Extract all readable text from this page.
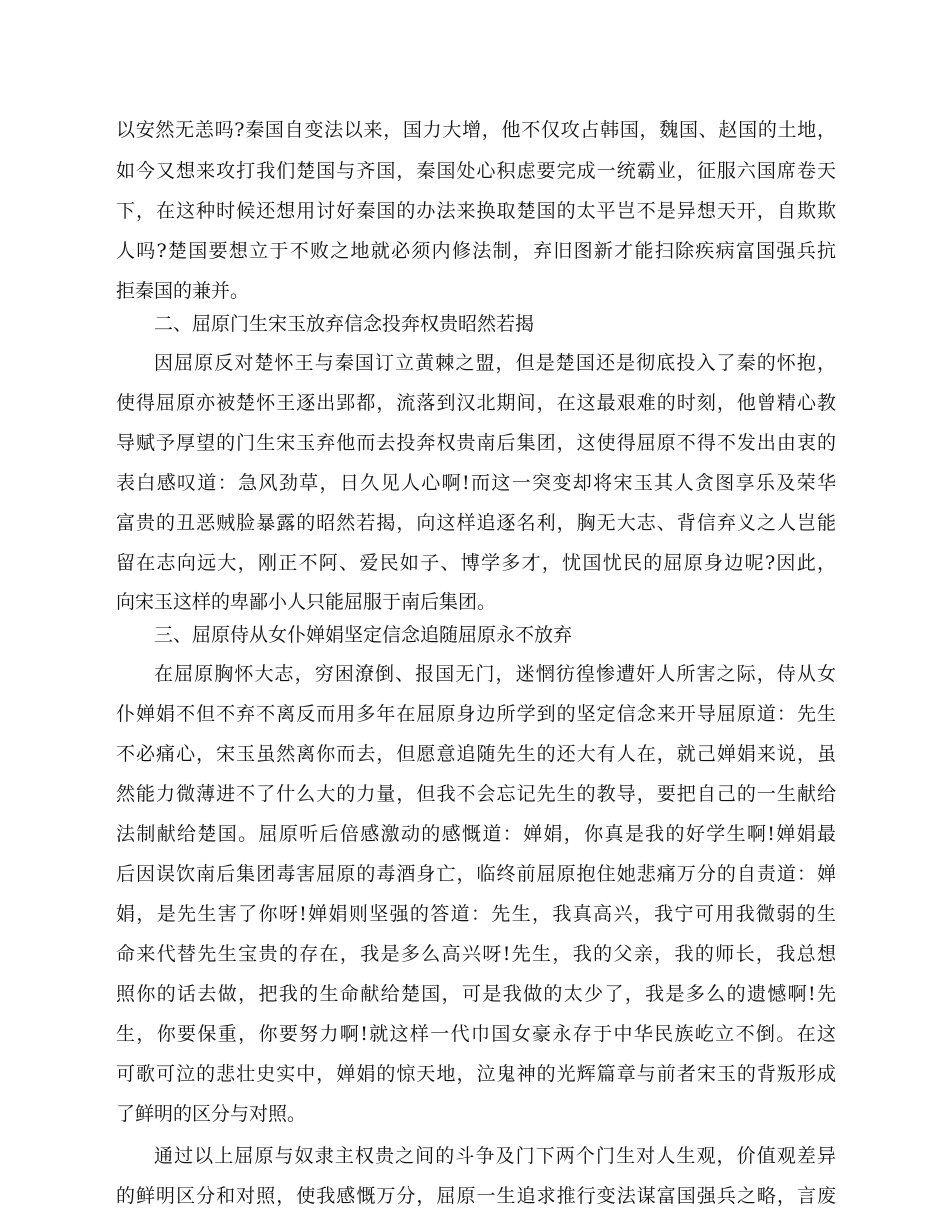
以安然无恙吗?秦国自变法以来，国力大增，他不仅攻占韩国，魏国、赵国的土地，
如今又想来攻打我们楚国与齐国，秦国处心积虑要完成一统霸业，征服六国席卷天
下，在这种时候还想用讨好秦国的办法来换取楚国的太平岂不是异想天开，自欺欺
人吗?楚国要想立于不败之地就必须内修法制，弃旧图新才能扫除疾病富国强兵抗
拒秦国的兼并。
二、屈原门生宋玉放弃信念投奔权贵昭然若揭
因屈原反对楚怀王与秦国订立黄棘之盟，但是楚国还是彻底投入了秦的怀抱，
使得屈原亦被楚怀王逐出郢都，流落到汉北期间，在这最艰难的时刻，他曾精心教
导赋予厚望的门生宋玉弃他而去投奔权贵南后集团，这使得屈原不得不发出由衷的
表白感叹道：急风劲草，日久见人心啊!而这一突变却将宋玉其人贪图享乐及荣华
富贵的丑恶贼脸暴露的昭然若揭，向这样追逐名利，胸无大志、背信弃义之人岂能
留在志向远大，刚正不阿、爱民如子、博学多才，忧国忧民的屈原身边呢?因此，
向宋玉这样的卑鄙小人只能屈服于南后集团。
三、屈原侍从女仆婵娟坚定信念追随屈原永不放弃
在屈原胸怀大志，穷困潦倒、报国无门，迷惘彷徨惨遭奸人所害之际，侍从女
仆婵娟不但不弃不离反而用多年在屈原身边所学到的坚定信念来开导屈原道：先生
不必痛心，宋玉虽然离你而去，但愿意追随先生的还大有人在，就己婵娟来说，虽
然能力微薄进不了什么大的力量，但我不会忘记先生的教导，要把自己的一生献给
法制献给楚国。屈原听后倍感激动的感慨道：婵娟，你真是我的好学生啊!婵娟最
后因误饮南后集团毒害屈原的毒酒身亡，临终前屈原抱住她悲痛万分的自责道：婵
娟，是先生害了你呀!婵娟则坚强的答道：先生，我真高兴，我宁可用我微弱的生
命来代替先生宝贵的存在，我是多么高兴呀!先生，我的父亲，我的师长，我总想
照你的话去做，把我的生命献给楚国，可是我做的太少了，我是多么的遗憾啊!先
生，你要保重，你要努力啊!就这样一代巾国女豪永存于中华民族屹立不倒。在这
可歌可泣的悲壮史实中，婵娟的惊天地，泣鬼神的光辉篇章与前者宋玉的背叛形成
了鲜明的区分与对照。
通过以上屈原与奴隶主权贵之间的斗争及门下两个门生对人生观，价值观差异
的鲜明区分和对照，使我感慨万分，屈原一生追求推行变法谋富国强兵之略，言废
